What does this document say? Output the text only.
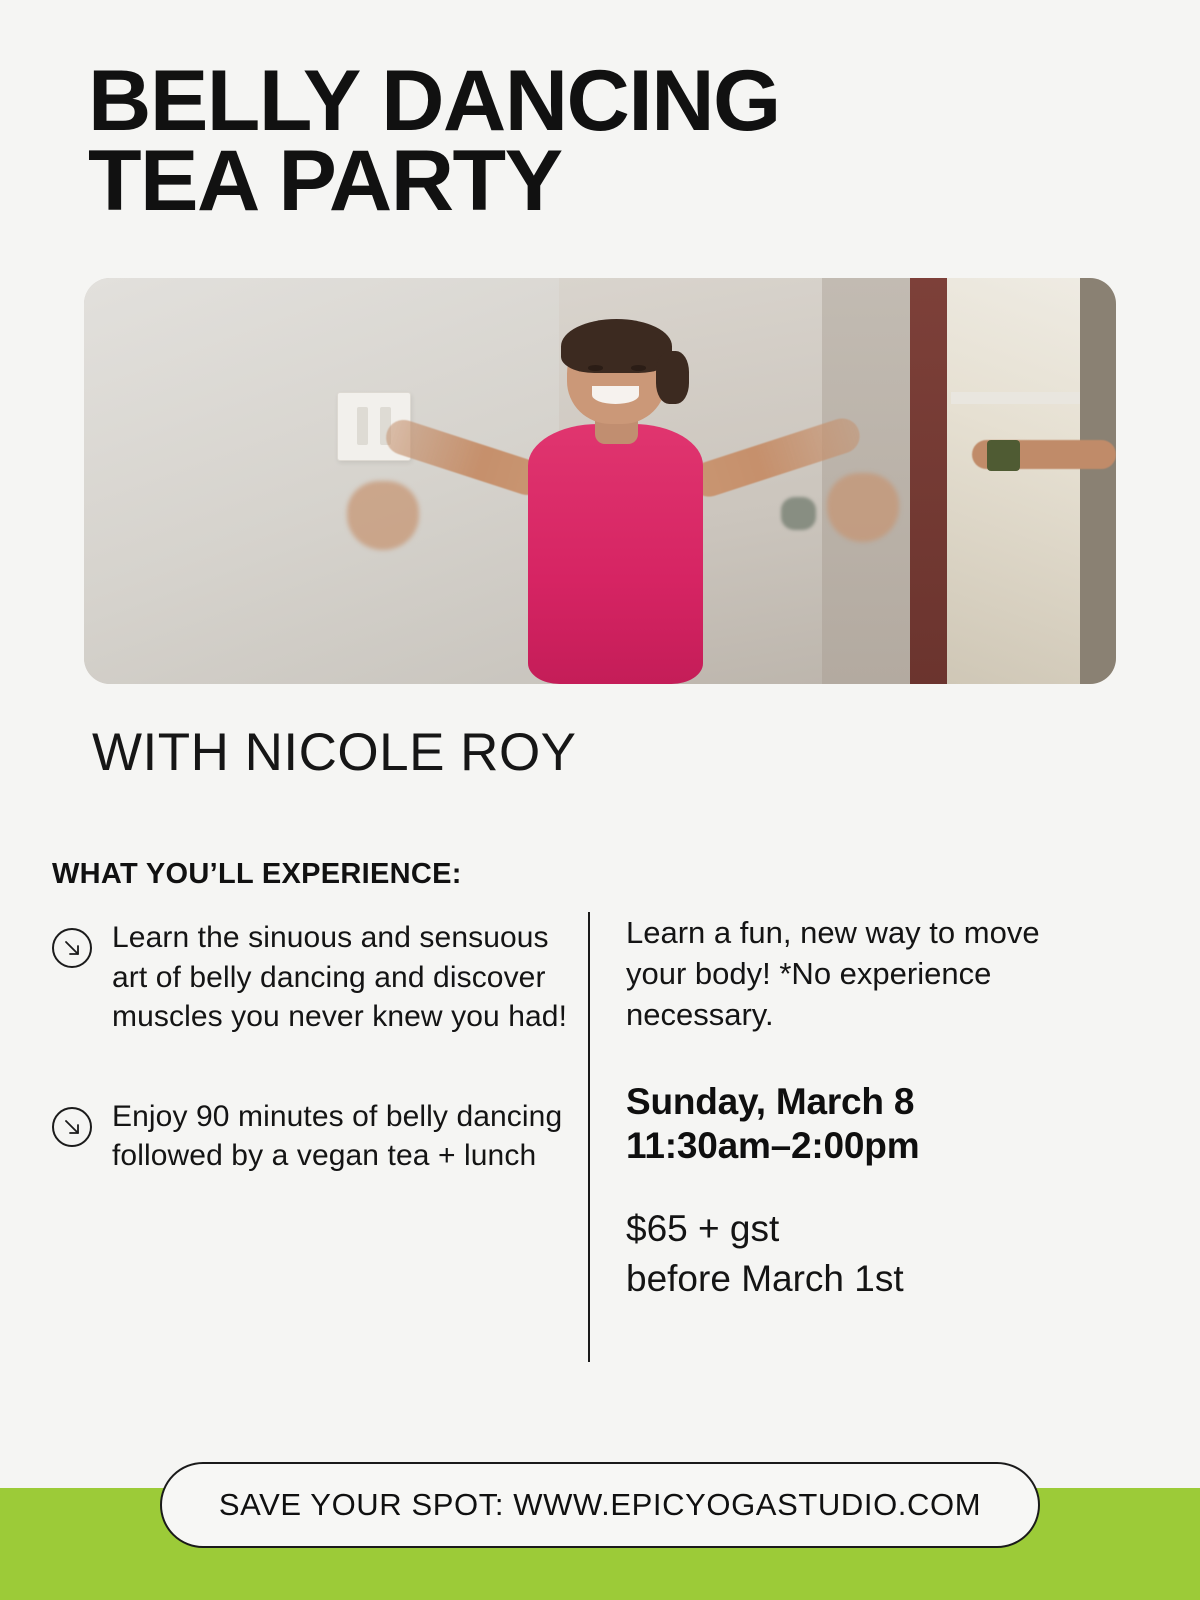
BELLY DANCING
TEA PARTY
WITH NICOLE ROY
WHAT YOU’LL EXPERIENCE:
Learn the sinuous and sensuous art of belly dancing and discover muscles you never knew you had!
Enjoy 90 minutes of belly dancing followed by a vegan tea + lunch
Learn a fun, new way to move your body! *No experience necessary.
Sunday, March 8
11:30am–2:00pm
$65 + gst
before March 1st
SAVE YOUR SPOT: WWW.EPICYOGASTUDIO.COM
